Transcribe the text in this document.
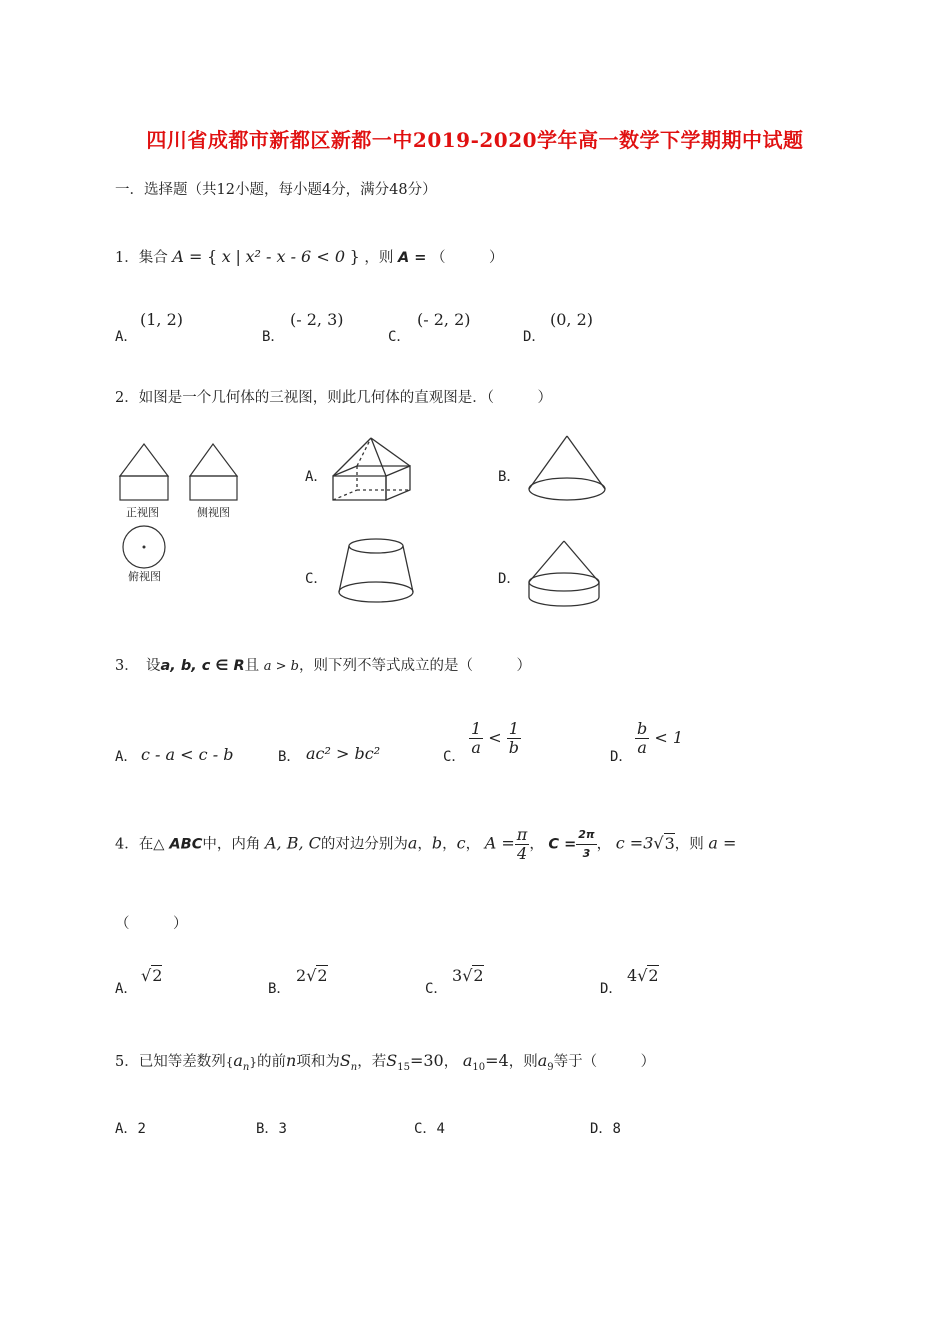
四川省成都市新都区新都一中2019-2020学年高一数学下学期期中试题
一．选择题（共12小题，每小题4分，满分48分）
1．集合 A = { x | x² - x - 6 < 0 } ，则 A = （　　　）
A．
(1, 2)
B．
(- 2, 3)
C．
(- 2, 2)
D．
(0, 2)
2．如图是一个几何体的三视图，则此几何体的直观图是．（　　　）
正视图	侧视图
俯视图
A．	B．
C．	D．
3．　设a, b, c ∈ R且 a > b，则下列不等式成立的是（　　　）
A． c - a < c - b	B． ac² > bc²	C． $\frac{1}{a} < \frac{1}{b}$	D． $\frac{b}{a} < 1$
4．在△ ABC中，内角 A, B, C的对边分别为a，b，c， $A = \frac{\pi}{4}$ ， $C = \frac{2\pi}{3}$ ， c =3√3，则 a =
（　　　）
A．
√2
B．
2√2
C．
3√2
D．
4√2
5．已知等差数列$\{a_n\}$的前n项和为$S_n$，若$S_{15}=30$， $a_{10}=4$，则$a_9$等于（　　　）
A．2	B．3	C．4	D．8
